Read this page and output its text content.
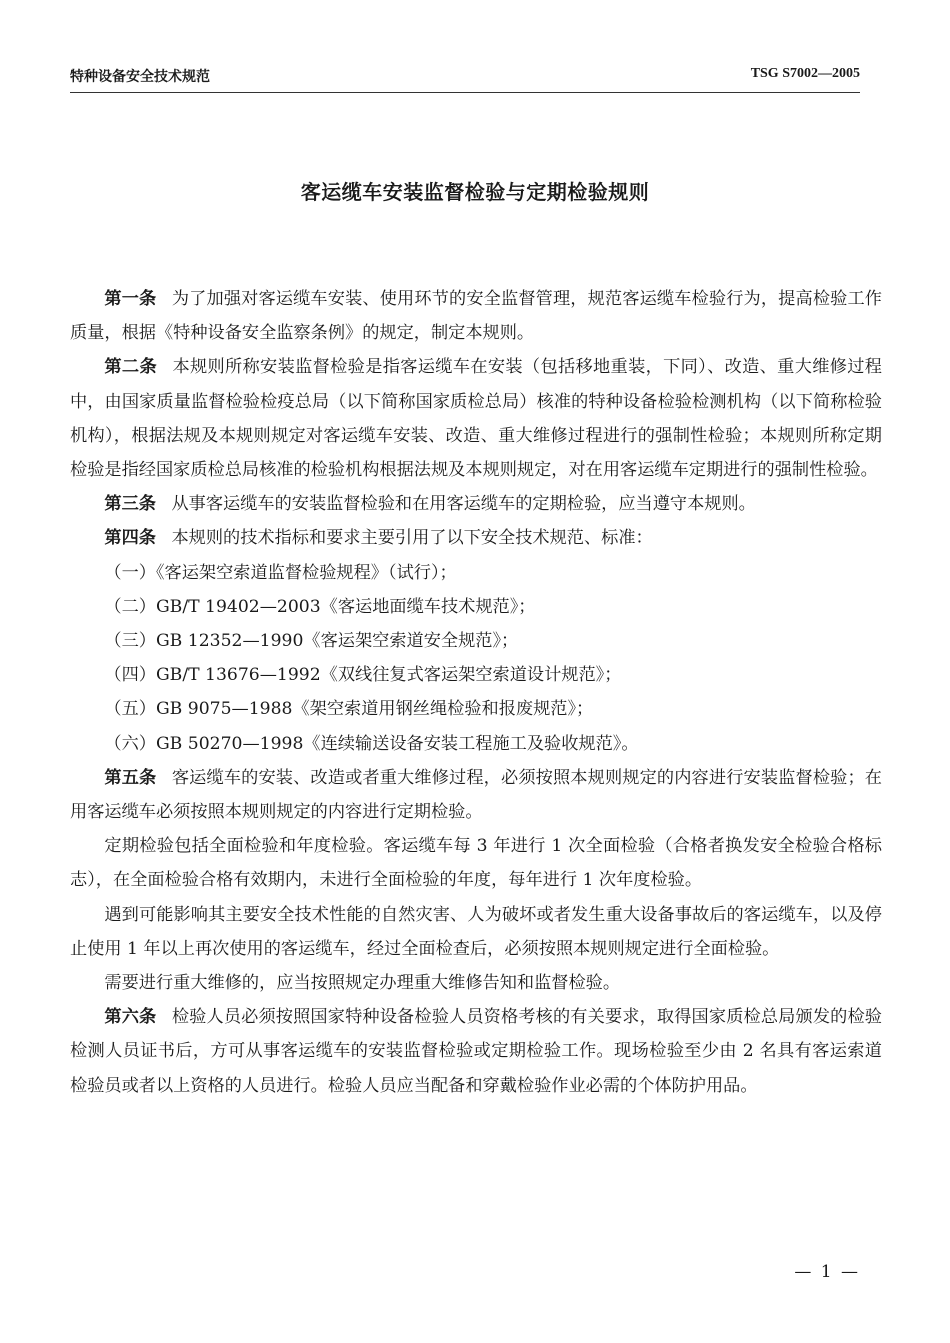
特种设备安全技术规范	TSG S7002—2005
客运缆车安装监督检验与定期检验规则

第一条 为了加强对客运缆车安装、使用环节的安全监督管理，规范客运缆车检验行为，提高检验工作质量，根据《特种设备安全监察条例》的规定，制定本规则。

第二条 本规则所称安装监督检验是指客运缆车在安装（包括移地重装，下同）、改造、重大维修过程中，由国家质量监督检验检疫总局（以下简称国家质检总局）核准的特种设备检验检测机构（以下简称检验机构），根据法规及本规则规定对客运缆车安装、改造、重大维修过程进行的强制性检验；本规则所称定期检验是指经国家质检总局核准的检验机构根据法规及本规则规定，对在用客运缆车定期进行的强制性检验。

第三条 从事客运缆车的安装监督检验和在用客运缆车的定期检验，应当遵守本规则。

第四条 本规则的技术指标和要求主要引用了以下安全技术规范、标准：

（一）《客运架空索道监督检验规程》（试行）；

（二）GB/T 19402—2003《客运地面缆车技术规范》；

（三）GB 12352—1990《客运架空索道安全规范》；

（四）GB/T 13676—1992《双线往复式客运架空索道设计规范》；

（五）GB 9075—1988《架空索道用钢丝绳检验和报废规范》；

（六）GB 50270—1998《连续输送设备安装工程施工及验收规范》。

第五条 客运缆车的安装、改造或者重大维修过程，必须按照本规则规定的内容进行安装监督检验；在用客运缆车必须按照本规则规定的内容进行定期检验。

定期检验包括全面检验和年度检验。客运缆车每 3 年进行 1 次全面检验（合格者换发安全检验合格标志），在全面检验合格有效期内，未进行全面检验的年度，每年进行 1 次年度检验。

遇到可能影响其主要安全技术性能的自然灾害、人为破坏或者发生重大设备事故后的客运缆车，以及停止使用 1 年以上再次使用的客运缆车，经过全面检查后，必须按照本规则规定进行全面检验。

需要进行重大维修的，应当按照规定办理重大维修告知和监督检验。

第六条 检验人员必须按照国家特种设备检验人员资格考核的有关要求，取得国家质检总局颁发的检验检测人员证书后，方可从事客运缆车的安装监督检验或定期检验工作。现场检验至少由 2 名具有客运索道检验员或者以上资格的人员进行。检验人员应当配备和穿戴检验作业必需的个体防护用品。

— 1 —
